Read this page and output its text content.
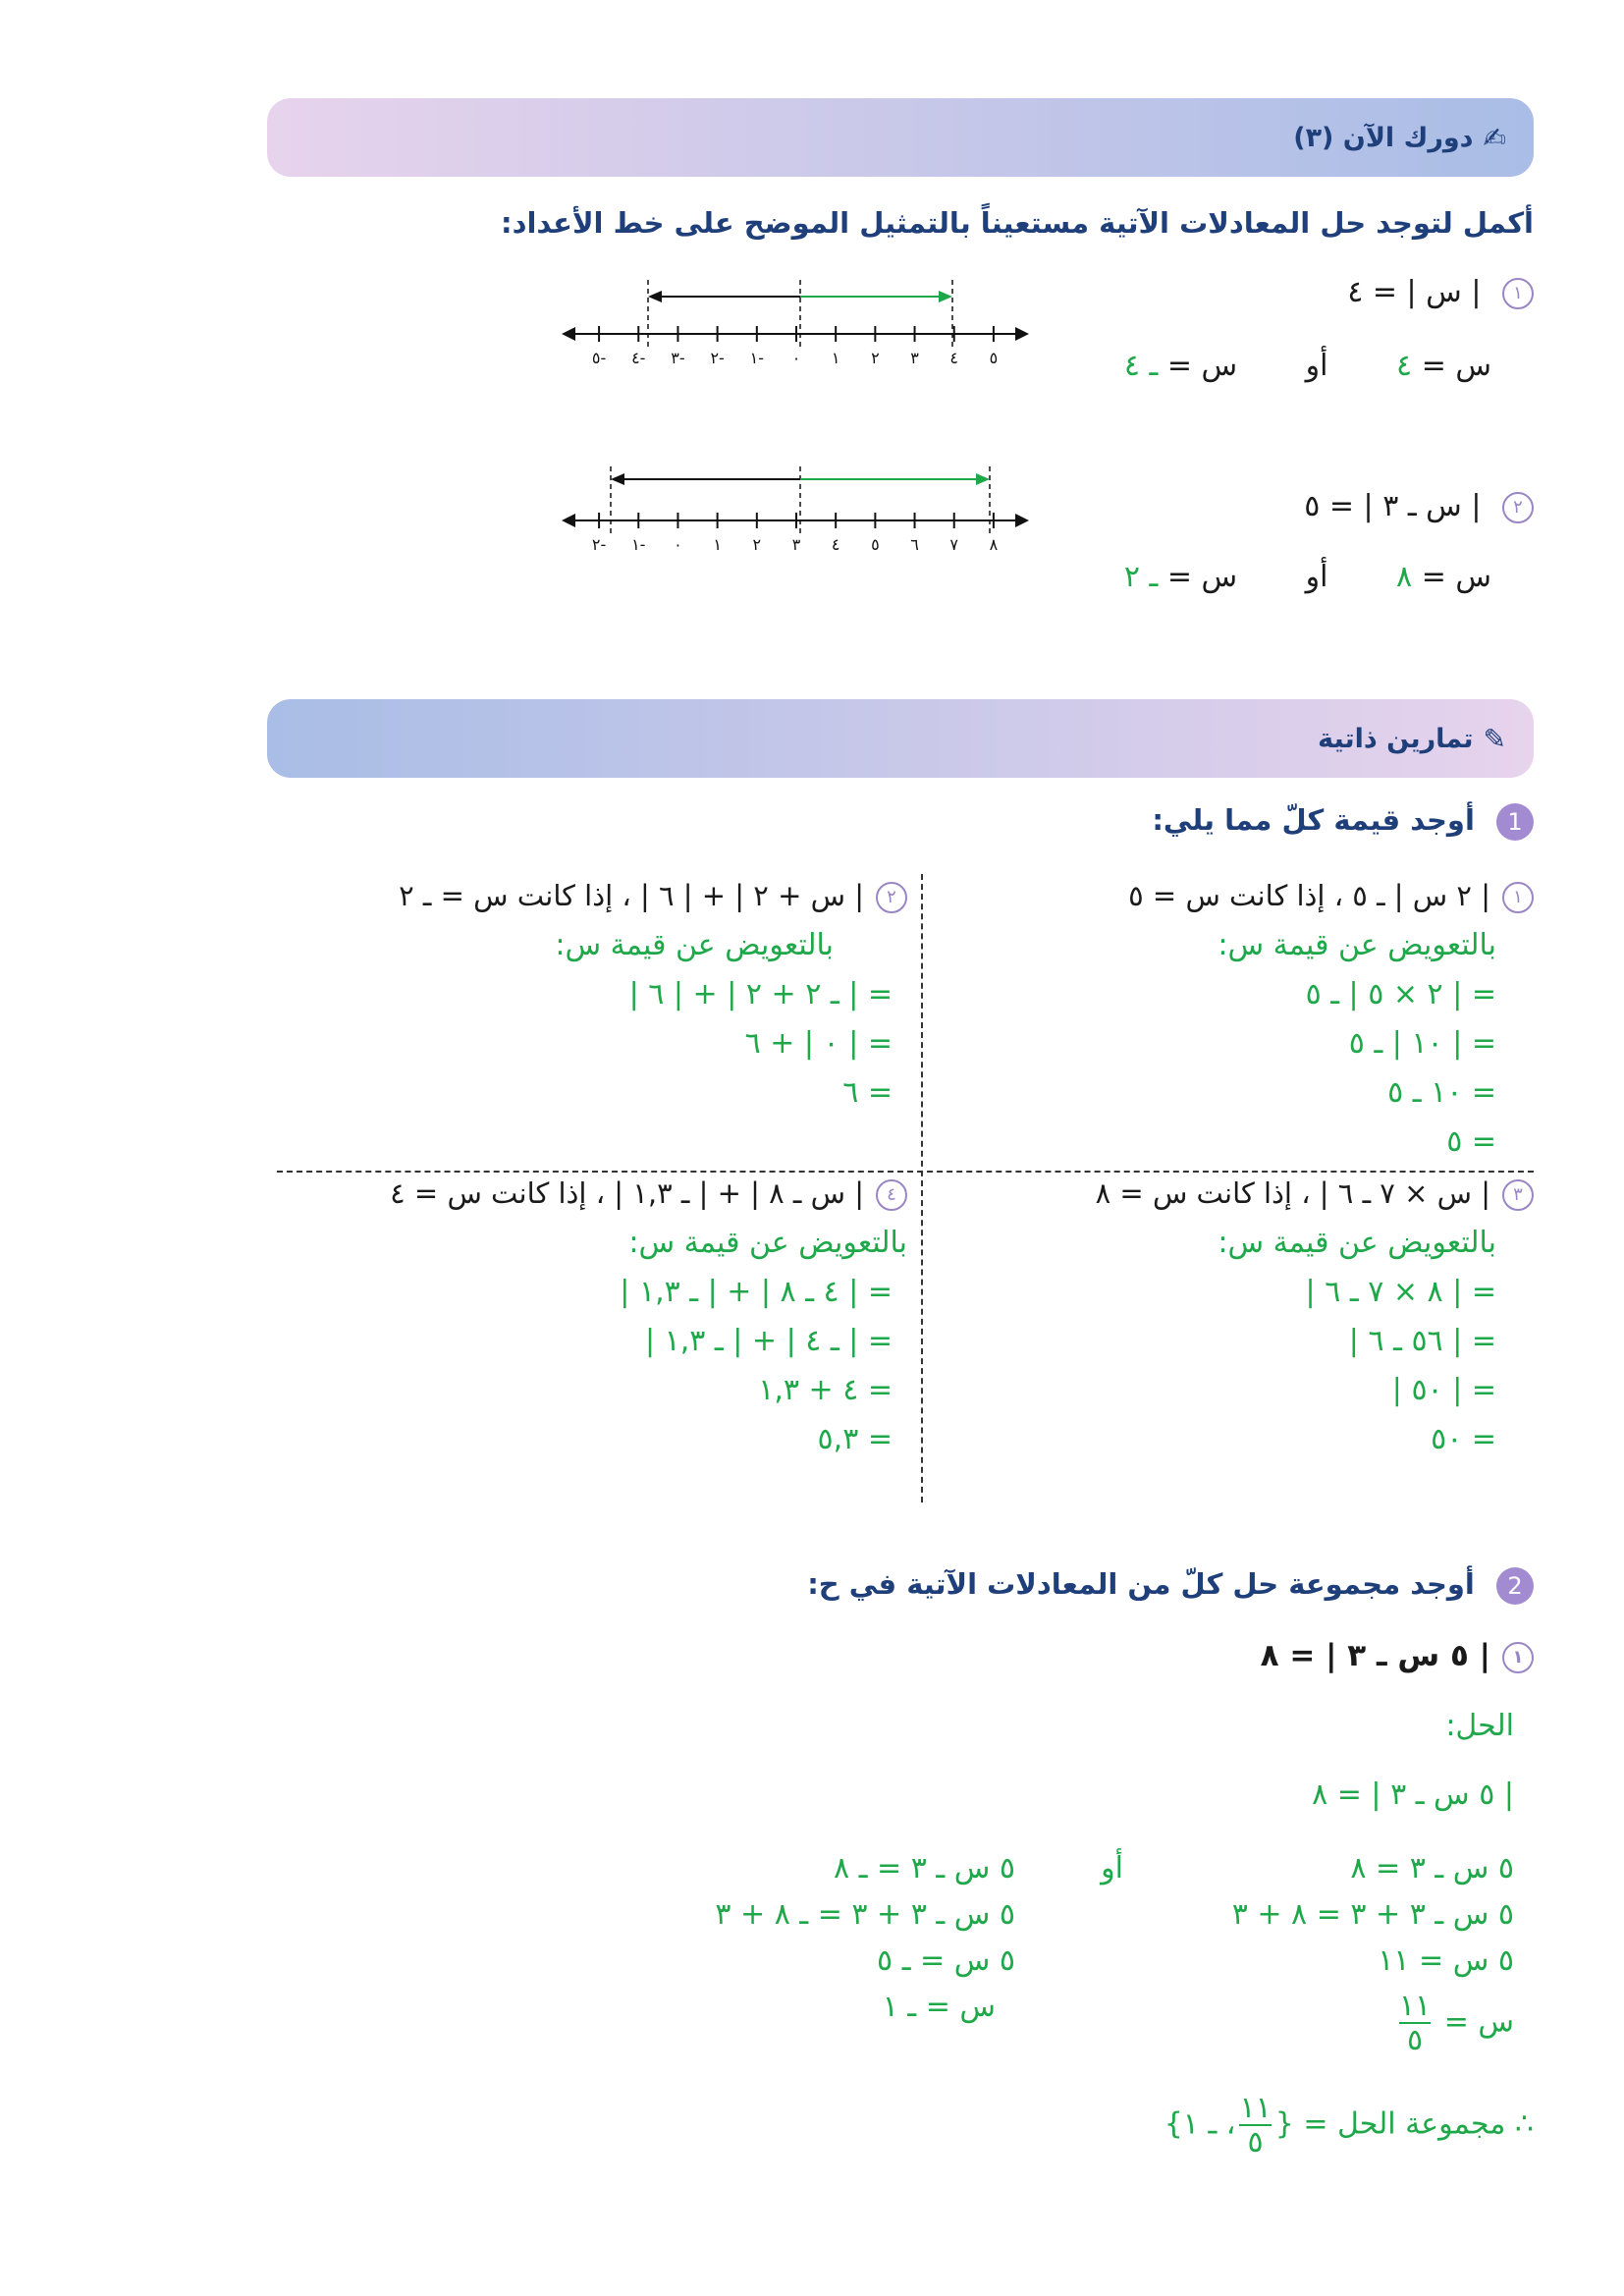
✍
دورك الآن (٣)
أكمل لتوجد حل المعادلات الآتية مستعيناً بالتمثيل الموضح على خط الأعداد:
١ | س | = ٤
س = ٤ أو س = ـ ٤
٥- ٤- ٣- ٢- ١- ٠ ١ ٢ ٣ ٤ ٥
٢ | س ـ ٣ | = ٥
س = ٨ أو س = ـ ٢
٢- ١- ٠ ١ ٢ ٣ ٤ ٥ ٦ ٧ ٨
✎
تمارين ذاتية
1 أوجد قيمة كلّ مما يلي:
١| ٢ س | ـ ٥ ، إذا كانت س = ٥
بالتعويض عن قيمة س:
= | ٢ × ٥ | ـ ٥
= | ١٠ | ـ ٥
= ١٠ ـ ٥
= ٥
٢| س + ٢ | + | ٦ | ، إذا كانت س = ـ ٢
بالتعويض عن قيمة س:
= | ـ ٢ + ٢ | + | ٦ |
= | ٠ | + ٦
= ٦
٣| س × ٧ ـ ٦ | ، إذا كانت س = ٨
بالتعويض عن قيمة س:
= | ٨ × ٧ ـ ٦ |
= | ٥٦ ـ ٦ |
= | ٥٠ |
= ٥٠
٤| س ـ ٨ | + | ـ ١,٣ | ، إذا كانت س = ٤
بالتعويض عن قيمة س:
= | ٤ ـ ٨ | + | ـ ١,٣ |
= | ـ ٤ | + | ـ ١,٣ |
= ٤ + ١,٣
= ٥,٣
2 أوجد مجموعة حل كلّ من المعادلات الآتية في ح:
١| ٥ س ـ ٣ | = ٨
الحل:
| ٥ س ـ ٣ | = ٨
٥ س ـ ٣ = ٨
٥ س ـ ٣ + ٣ = ٨ + ٣
٥ س = ١١
س =
$\frac{١١}{٥}$
أو
٥ س ـ ٣ = ـ ٨
٥ س ـ ٣ + ٣ = ـ ٨ + ٣
٥ س = ـ ٥
س = ـ ١
∴ مجموعة الحل = {
$\frac{١١}{٥}$
، ـ ١}
